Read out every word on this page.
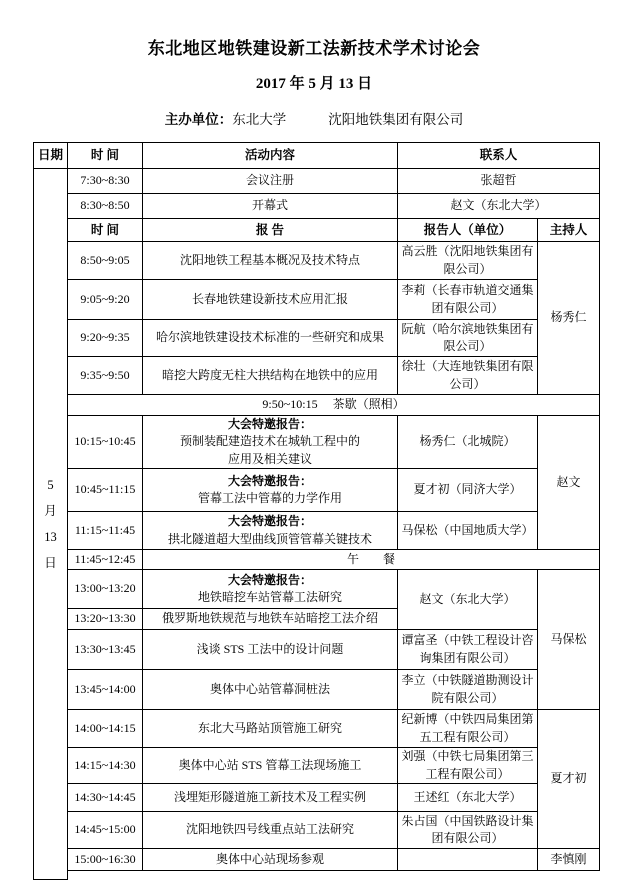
东北地区地铁建设新工法新技术学术讨论会
2017 年 5 月 13 日
主办单位：东北大学	沈阳地铁集团有限公司
日期	时 间	活动内容	联系人	

5
月
13
日	7:30~8:30	会议注册	张超哲	
	8:30~8:50	开幕式	赵文（东北大学）	
	时 间	报 告	报告人（单位）	主持人
	8:50~9:05	沈阳地铁工程基本概况及技术特点	高云胜（沈阳地铁集团有限公司）	杨秀仁
	9:05~9:20	长春地铁建设新技术应用汇报	李莉（长春市轨道交通集团有限公司）	
	9:20~9:35	哈尔滨地铁建设技术标准的一些研究和成果	阮航（哈尔滨地铁集团有限公司）	
	9:35~9:50	暗挖大跨度无柱大拱结构在地铁中的应用	徐壮（大连地铁集团有限公司）	
	9:50~10:15　 茶歇（照相）			
	10:15~10:45	大会特邀报告：
预制装配建造技术在城轨工程中的
应用及相关建议	杨秀仁（北城院）	赵文
	10:45~11:15	大会特邀报告：
管幕工法中管幕的力学作用	夏才初（同济大学）	
	11:15~11:45	大会特邀报告：
拱北隧道超大型曲线顶管管幕关键技术	马保松（中国地质大学）	
	11:45~12:45	午　　餐		
	13:00~13:20	大会特邀报告：
地铁暗挖车站管幕工法研究	赵文（东北大学）	马保松
	13:20~13:30	俄罗斯地铁规范与地铁车站暗挖工法介绍		
	13:30~13:45	浅谈 STS 工法中的设计问题	谭富圣（中铁工程设计咨询集团有限公司）	
	13:45~14:00	奥体中心站管幕洞桩法	李立（中铁隧道勘测设计院有限公司）	
	14:00~14:15	东北大马路站顶管施工研究	纪新博（中铁四局集团第五工程有限公司）	夏才初
	14:15~14:30	奥体中心站 STS 管幕工法现场施工	刘强（中铁七局集团第三工程有限公司）	
	14:30~14:45	浅埋矩形隧道施工新技术及工程实例	王述红（东北大学）	
	14:45~15:00	沈阳地铁四号线重点站工法研究	朱占国（中国铁路设计集团有限公司）	
	15:00~16:30	奥体中心站现场参观		李慎刚
